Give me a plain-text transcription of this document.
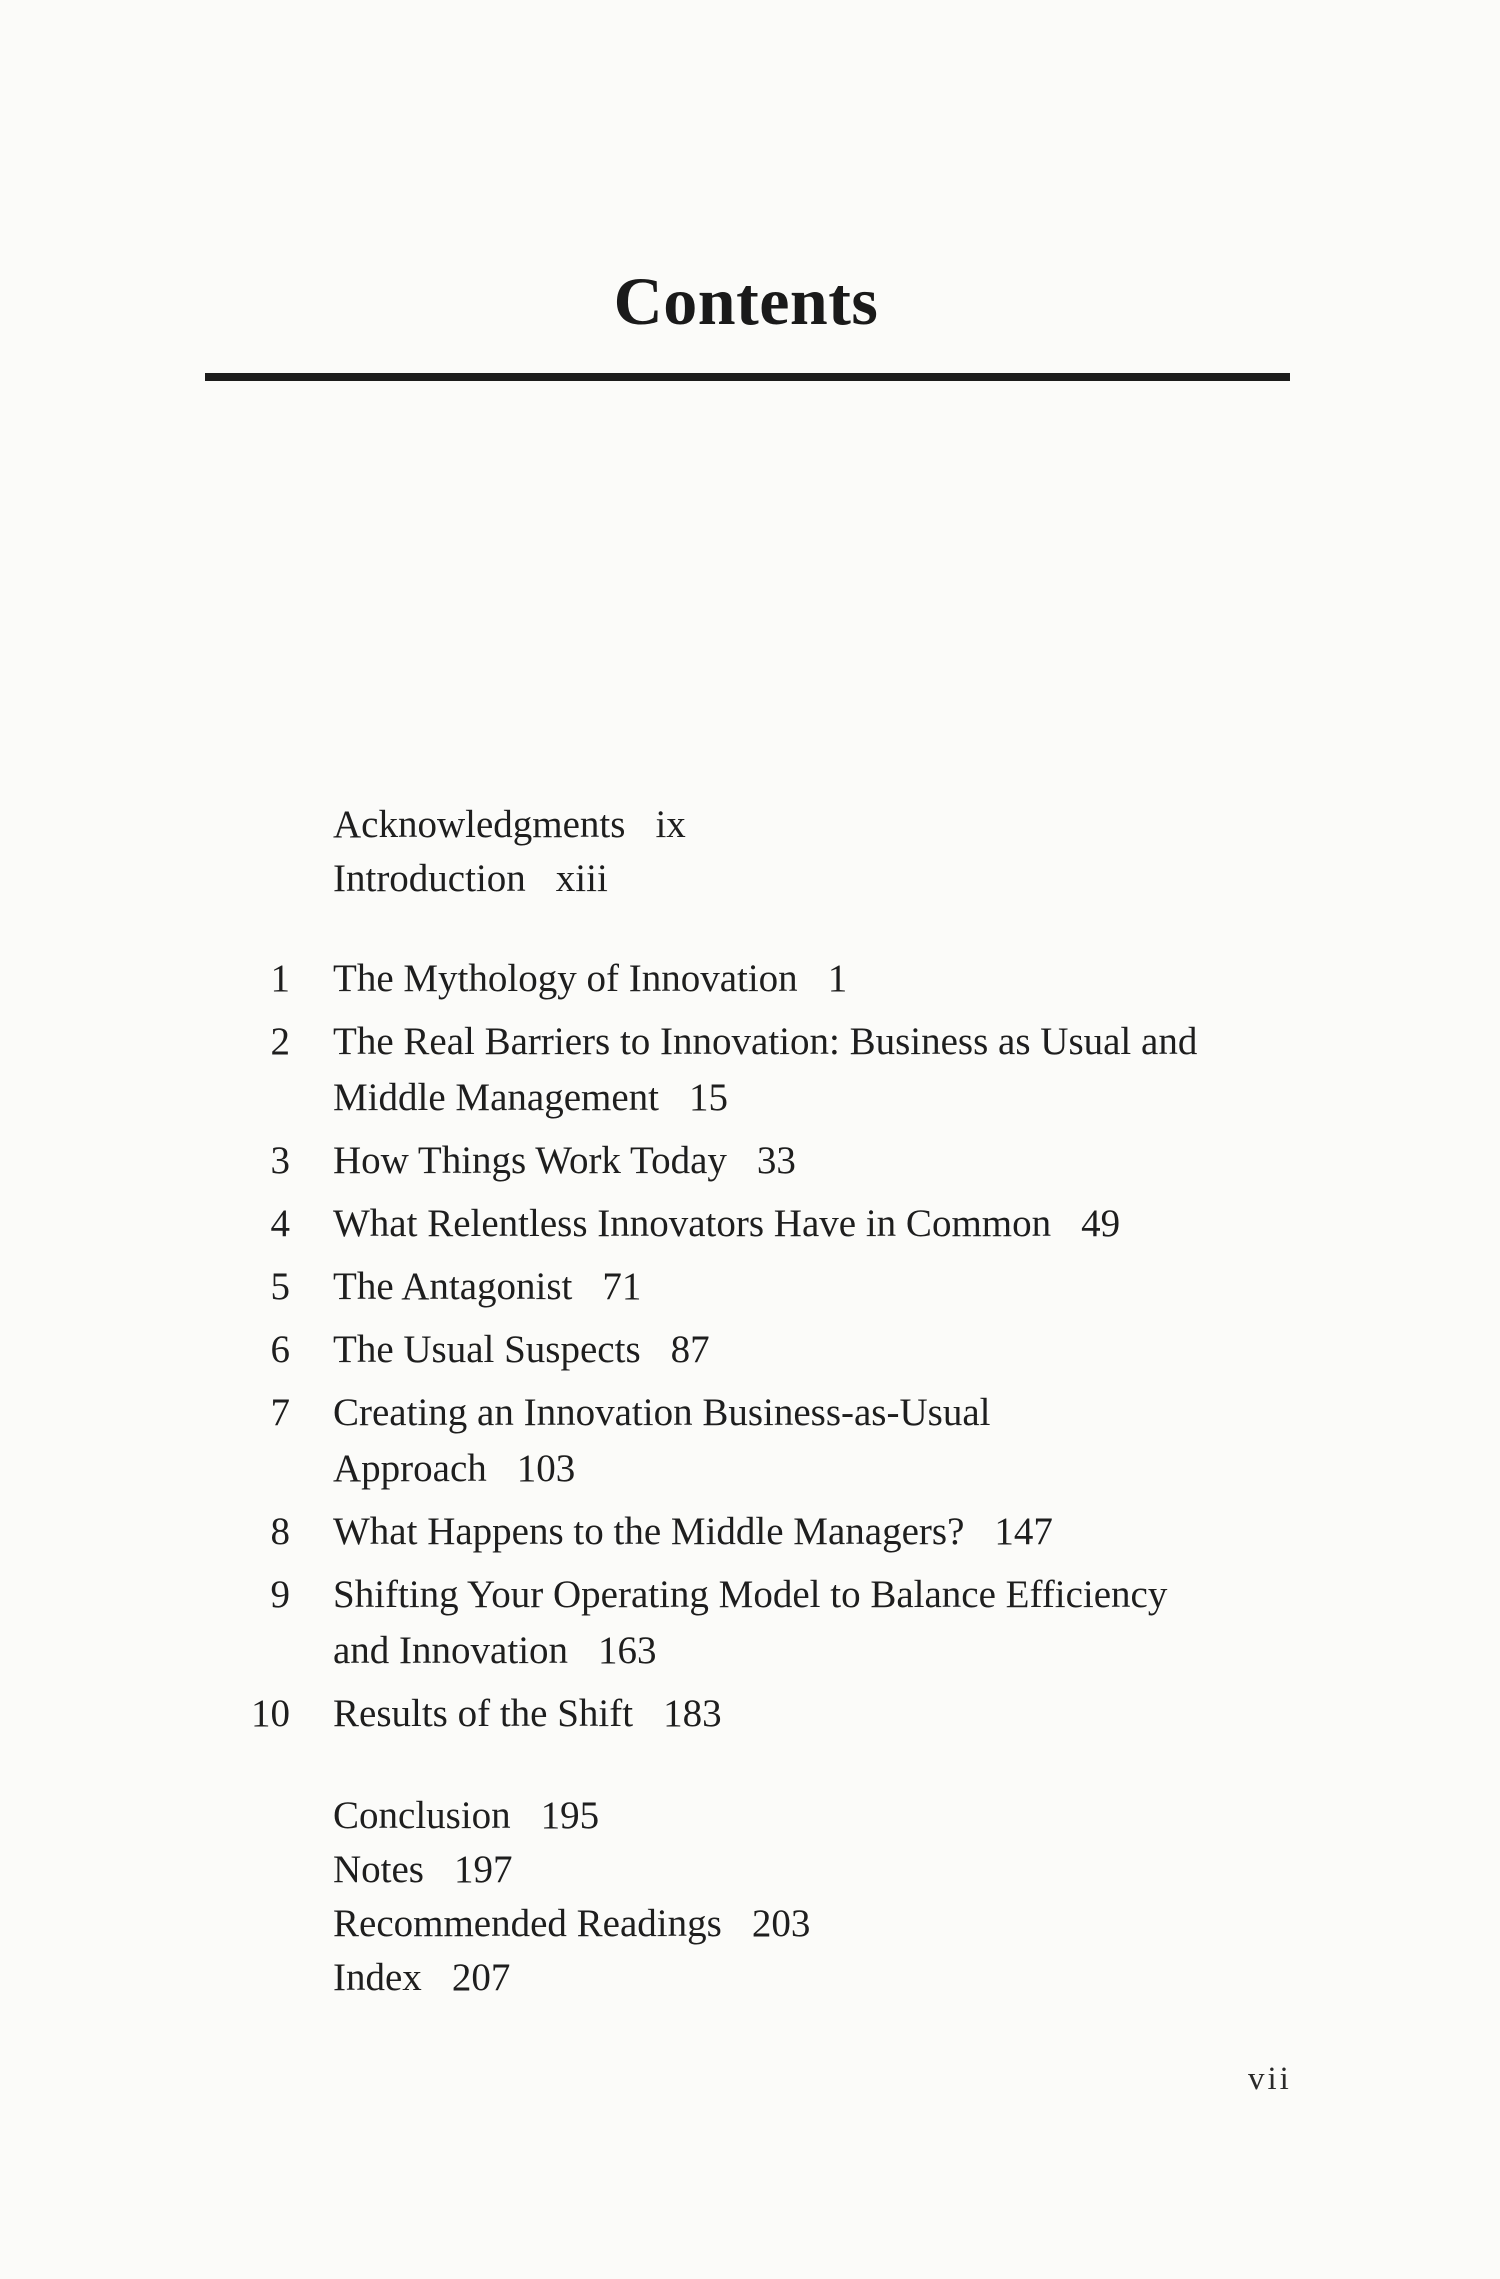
Contents
Acknowledgments ix
Introduction xiii
1 The Mythology of Innovation 1
2 The Real Barriers to Innovation: Business as Usual and
Middle Management 15
3 How Things Work Today 33
4 What Relentless Innovators Have in Common 49
5 The Antagonist 71
6 The Usual Suspects 87
7 Creating an Innovation Business-as-Usual
Approach 103
8 What Happens to the Middle Managers? 147
9 Shifting Your Operating Model to Balance Efficiency
and Innovation 163
10 Results of the Shift 183
Conclusion 195
Notes 197
Recommended Readings 203
Index 207
vii
